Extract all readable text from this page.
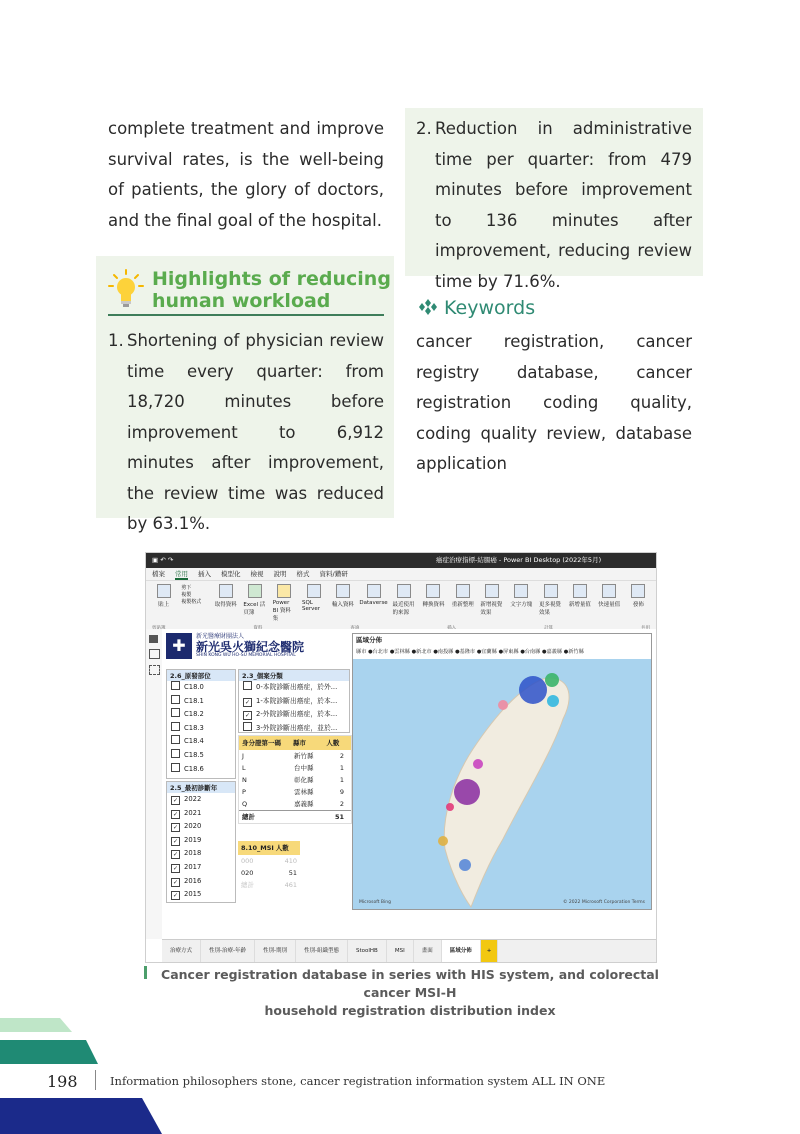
complete treatment and improve survival rates, is the well-being of patients, the glory of doctors, and the final goal of the hospital.
2. Reduction in administrative time per quarter: from 479 minutes before improvement to 136 minutes after improvement, reducing review time by 71.6%.
Highlights of reducing
human workload
1. Shortening of physician review time every quarter: from 18,720 minutes before improvement to 6,912 minutes after improvement, the review time was reduced by 63.1%.
Keywords
cancer registration, cancer registry database, cancer registration coding quality, coding quality review, database application
▣ ↶ ↷	癌症治療指標-結腸癌 - Power BI Desktop (2022年5月)
檔案 常用 插入 模型化 檢視 說明 格式 資料/鑽研
貼上
剪下
複製
複製格式	取得資料 Excel 活頁簿
Power BI 資料集
SQL Server
輸入資料 Dataverse 最近使用的來源
轉換資料 重新整理 新增視覺效果
文字方塊 更多視覺效果
新增量值 快速量值 發佈
✚	新光醫療財團法人
新光吳火獅紀念醫院
SHIN KONG WU HO-SU MEMORIAL HOSPITAL
2.6_原發部位
C18.0
C18.1
C18.2
C18.3
C18.4
C18.5
C18.6
2.5_最初診斷年
✓ 2022
✓ 2021
✓ 2020
✓ 2019
✓ 2018
✓ 2017
✓ 2016
✓ 2015
2.3_個案分類
0-本院診斷出癌症，於外...
✓ 1-本院診斷出癌症，於本...
✓ 2-外院診斷出癌症，於本...
3-外院診斷出癌症，並於...
身分證第一碼	縣市	人數
J	新竹縣	2
L	台中縣	1
N	彰化縣	1
P	雲林縣	9
Q	嘉義縣	2
總計	51
8.10_MSI 人數
000	410
020	51
總計	461
區域分佈
縣市 ●台北市 ●雲林縣 ●新北市 ●南投縣 ●基隆市 ●宜蘭縣 ●屏東縣 ●台南縣 ●嘉義縣 ●新竹縣
Microsoft Bing	© 2022 Microsoft Corporation Terms
治療方式	性別-治療-年齡	性別-期別	性別-組織型態	StoolHB	MSI	畫面	區域分佈	+
Cancer registration database in series with HIS system, and colorectal cancer MSI-H
household registration distribution index
198	Information philosophers stone, cancer registration information system ALL IN ONE
